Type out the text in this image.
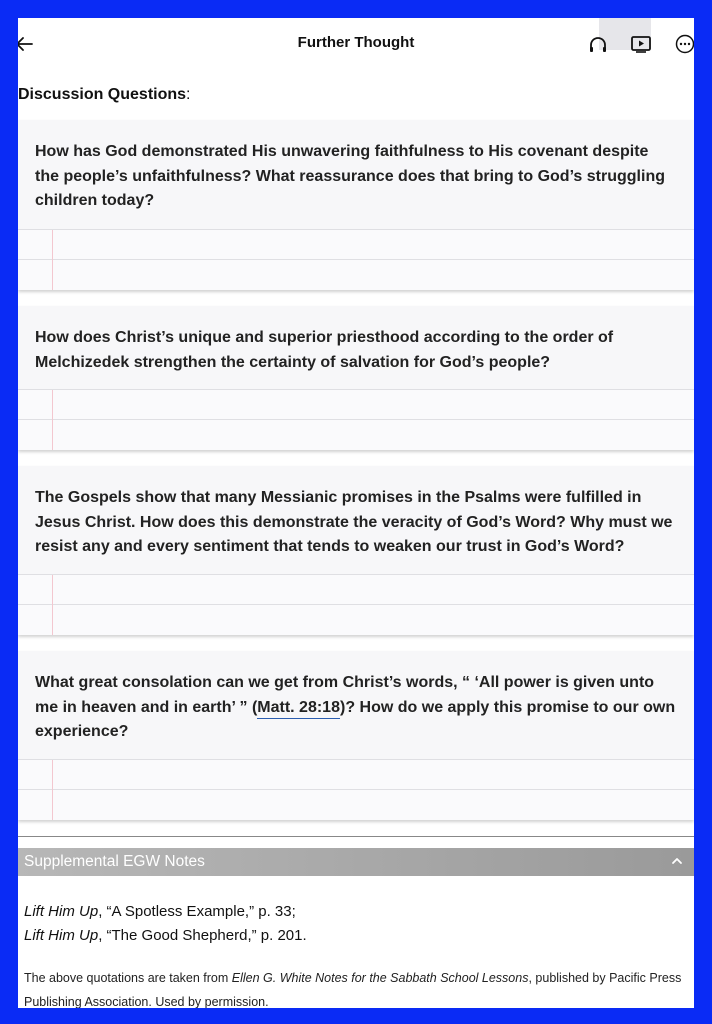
Further Thought
Discussion Questions:
How has God demonstrated His unwavering faithfulness to His covenant despite the people’s unfaithfulness? What reassurance does that bring to God’s struggling children today?
How does Christ’s unique and superior priesthood according to the order of Melchizedek strengthen the certainty of salvation for God’s people?
The Gospels show that many Messianic promises in the Psalms were fulfilled in Jesus Christ. How does this demonstrate the veracity of God’s Word? Why must we resist any and every sentiment that tends to weaken our trust in God’s Word?
What great consolation can we get from Christ’s words, “ ‘All power is given unto me in heaven and in earth’ ” (Matt. 28:18)? How do we apply this promise to our own experience?
Supplemental EGW Notes
Lift Him Up, “A Spotless Example,” p. 33;
Lift Him Up, “The Good Shepherd,” p. 201.
The above quotations are taken from Ellen G. White Notes for the Sabbath School Lessons, published by Pacific Press Publishing Association. Used by permission.
